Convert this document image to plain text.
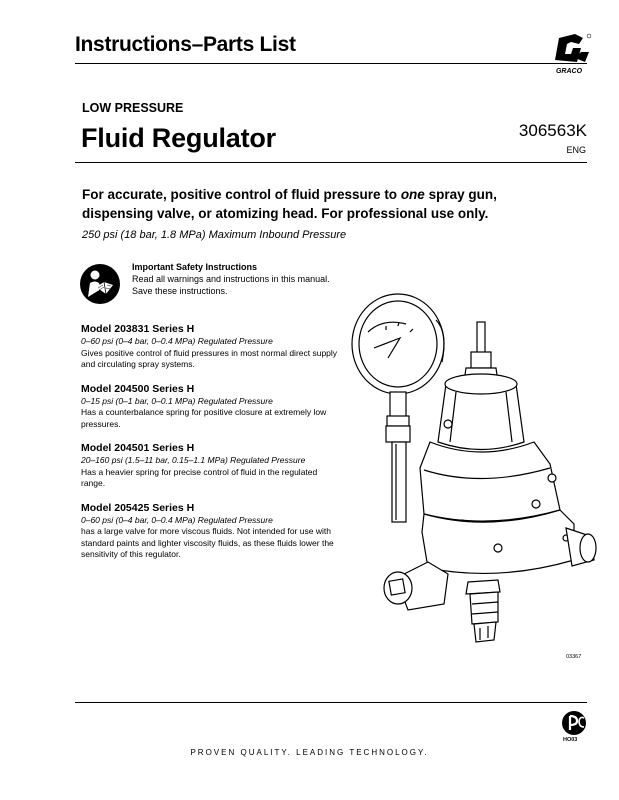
Instructions–Parts List
GRACO
LOW PRESSURE
Fluid Regulator	306563K
ENG
For accurate, positive control of fluid pressure to one spray gun, dispensing valve, or atomizing head. For professional use only.
250 psi (18 bar, 1.8 MPa) Maximum Inbound Pressure
Important Safety Instructions
Read all warnings and instructions in this manual.
Save these instructions.
Model 203831 Series H
0–60 psi (0–4 bar, 0–0.4 MPa) Regulated Pressure
Gives positive control of fluid pressures in most normal direct supply and circulating spray systems.
Model 204500 Series H
0–15 psi (0–1 bar, 0–0.1 MPa) Regulated Pressure
Has a counterbalance spring for positive closure at extremely low pressures.
Model 204501 Series H
20–160 psi (1.5–11 bar, 0.15–1.1 MPa) Regulated Pressure
Has a heavier spring for precise control of fluid in the regulated range.
Model 205425 Series H
0–60 psi (0–4 bar, 0–0.4 MPa) Regulated Pressure
has a large valve for more viscous fluids. Not intended for use with standard paints and lighter viscosity fluids, as these fluids lower the sensitivity of this regulator.
03367
HO03
PROVEN QUALITY. LEADING TECHNOLOGY.
